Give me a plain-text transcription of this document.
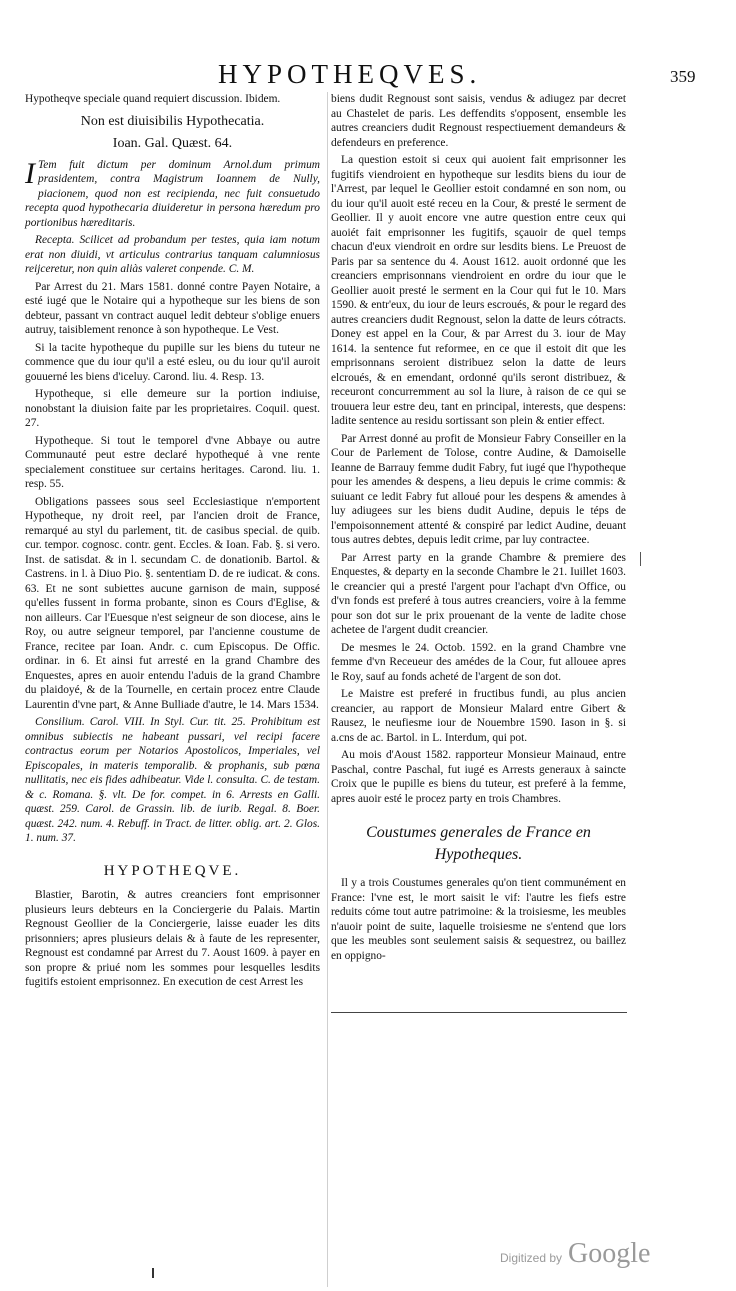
HYPOTHEQVES.	359

Hypotheqve speciale quand requiert discussion. Ibidem.

Non est diuisibilis Hypothecatia.

Ioan. Gal. Quæst. 64.

I Tem fuit dictum per dominum Arnol.dum primum prasidentem, contra Magistrum Ioannem de Nully, piacionem, quod non est recipienda, nec fuit consuetudo recepta quod hypothecaria diuideretur in persona hæredum pro portionibus hæreditaris.

Recepta. Scilicet ad probandum per testes, quia iam notum erat non diuidi, vt articulus contrarius tanquam calumniosus reijceretur, non quin aliàs valeret conpende. C. M.

Par Arrest du 21. Mars 1581. donné contre Payen Notaire, a esté iugé que le Notaire qui a hypotheque sur les biens de son debteur, passant vn contract auquel ledit debteur s'oblige enuers autruy, taisiblement renonce à son hypotheque. Le Vest.

Si la tacite hypotheque du pupille sur les biens du tuteur ne commence que du iour qu'il a esté esleu, ou du iour qu'il auroit gouuerné les biens d'iceluy. Carond. liu. 4. Resp. 13.

Hypotheque, si elle demeure sur la portion indiuise, nonobstant la diuision faite par les proprietaires. Coquil. quest. 27.

Hypotheque. Si tout le temporel d'vne Abbaye ou autre Communauté peut estre declaré hypothequé à vne rente specialement constituee sur certains heritages. Carond. liu. 1. resp. 55.

Obligations passees sous seel Ecclesiastique n'emportent Hypotheque, ny droit reel, par l'ancien droit de France, remarqué au styl du parlement, tit. de casibus special. de quib. cur. tempor. cognosc. contr. gent. Eccles. & Ioan. Fab. §. si vero. Inst. de satisdat. & in l. secundam C. de donationib. Bartol. & Castrens. in l. à Diuo Pio. §. sententiam D. de re iudicat. & cons. 63. Et ne sont subiettes aucune garnison de main, supposé qu'elles fussent in forma probante, sinon es Cours d'Eglise, & non ailleurs. Car l'Euesque n'est seigneur de son diocese, ains le Roy, ou autre seigneur temporel, par l'ancienne coustume de France, recitee par Ioan. Andr. c. cum Episcopus. De Offic. ordinar. in 6. Et ainsi fut arresté en la grand Chambre des Enquestes, apres en auoir entendu l'aduis de la grand Chambre du plaidoyé, & de la Tournelle, en certain procez entre Claude Laurentin d'vne part, & Anne Bulliade d'autre, le 14. Mars 1534.

Consilium. Carol. VIII. In Styl. Cur. tit. 25. Prohibitum est omnibus subiectis ne habeant pussari, vel recipi facere contractus eorum per Notarios Apostolicos, Imperiales, vel Episcopales, in materis temporalib. & prophanis, sub pœna nullitatis, nec eis fides adhibeatur. Vide l. consulta. C. de testam. & c. Romana. §. vlt. De for. compet. in 6. Arrests en Galli. quæst. 259. Carol. de Grassin. lib. de iurib. Regal. 8. Boer. quæst. 242. num. 4. Rebuff. in Tract. de litter. oblig. art. 2. Glos. 1. num. 37.

HYPOTHEQVE.

Blastier, Barotin, & autres creanciers font emprisonner plusieurs leurs debteurs en la Conciergerie du Palais. Martin Regnoust Geollier de la Conciergerie, laisse euader les dits prisonniers; apres plusieurs delais & à faute de les representer, Regnoust est condamné par Arrest du 7. Aoust 1609. à payer en son propre & priué nom les sommes pour lesquelles lesdits fugitifs estoient emprisonnez. En execution de cest Arrest les

biens dudit Regnoust sont saisis, vendus & adiugez par decret au Chastelet de paris. Les deffendits s'opposent, ensemble les autres creanciers dudit Regnoust respectiuement demandeurs & defendeurs en preference.

La question estoit si ceux qui auoient fait emprisonner les fugitifs viendroient en hypotheque sur lesdits biens du iour de l'Arrest, par lequel le Geollier estoit condamné en son nom, ou du iour qu'il auoit esté receu en la Cour, & presté le serment de Geollier. Il y auoit encore vne autre question entre ceux qui auoiét fait emprisonner les fugitifs, sçauoir de quel temps chacun d'eux viendroit en ordre sur lesdits biens. Le Preuost de Paris par sa sentence du 4. Aoust 1612. auoit ordonné que les creanciers emprisonnans viendroient en ordre du iour que le Geollier auoit presté le serment en la Cour qui fut le 10. Mars 1590. & entr'eux, du iour de leurs escroués, & pour le regard des autres creanciers dudit Regnoust, selon la datte de leurs cótracts. Doney est appel en la Cour, & par Arrest du 3. iour de May 1614. la sentence fut reformee, en ce que il estoit dit que les emprisonnans seroient distribuez selon la datte de leurs elcroués, & en emendant, ordonné qu'ils seront distribuez, & receuront concurremment au sol la liure, à raison de ce qui se trouuera leur estre deu, tant en principal, interests, que despens: ladite sentence au residu sortissant son plein & entier effect.

Par Arrest donné au profit de Monsieur Fabry Conseiller en la Cour de Parlement de Tolose, contre Audine, & Damoiselle Ieanne de Barrauy femme dudit Fabry, fut iugé que l'hypotheque pour les amendes & despens, a lieu depuis le crime commis: & suiuant ce ledit Fabry fut alloué pour les despens & amendes à luy adiugees sur les biens dudit Audine, depuis le téps de l'empoisonnement attenté & conspiré par ledict Audine, deuant tous autres debtes, depuis ledit crime, par luy contractee.

Par Arrest party en la grande Chambre & premiere des Enquestes, & departy en la seconde Chambre le 21. Iuillet 1603. le creancier qui a presté l'argent pour l'achapt d'vn Office, ou d'vn fonds est preferé à tous autres creanciers, voire à la femme pour son dot sur le prix prouenant de la vente de ladite chose achetee de l'argent dudit creancier.

De mesmes le 24. Octob. 1592. en la grand Chambre vne femme d'vn Receueur des amédes de la Cour, fut allouee apres le Roy, sauf au fonds acheté de l'argent de son dot.

Le Maistre est preferé in fructibus fundi, au plus ancien creancier, au rapport de Monsieur Malard entre Gibert & Rausez, le neufiesme iour de Nouembre 1590. Iason in §. si a.cns de ac. Bartol. in L. Interdum, qui pot.

Au mois d'Aoust 1582. rapporteur Monsieur Mainaud, entre Paschal, contre Paschal, fut iugé es Arrests generaux à saincte Croix que le pupille es biens du tuteur, est preferé à la femme, apres auoir esté le procez party en trois Chambres.

Coustumes generales de France en Hypotheques.

Il y a trois Coustumes generales qu'on tient communément en France: l'vne est, le mort saisit le vif: l'autre les fiefs estre reduits cóme tout autre patrimoine: & la troisiesme, les meubles n'auoir point de suite, laquelle troisiesme ne s'entend que lors que les meubles sont seulement saisis & sequestrez, ou baillez en oppigno-

Digitized by Google
